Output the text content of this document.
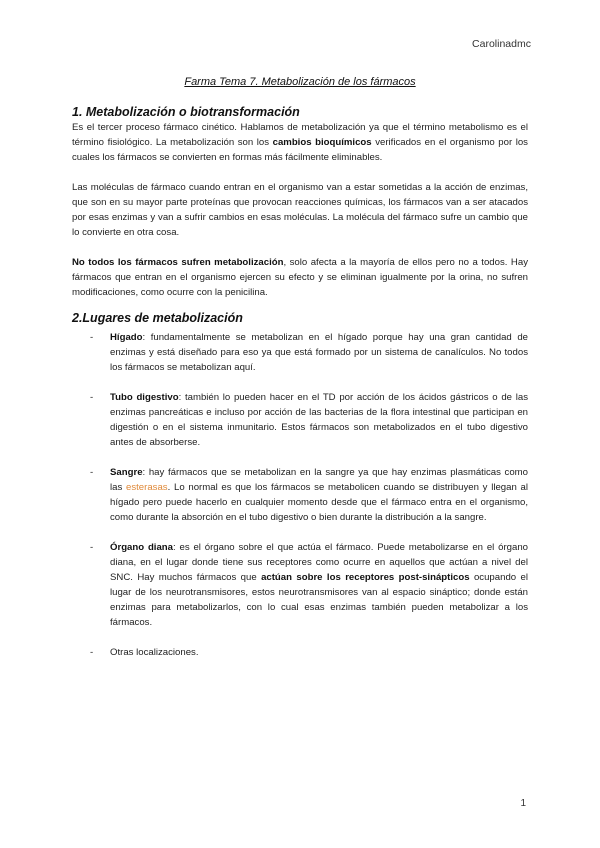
Carolinadmc
Farma Tema 7. Metabolización de los fármacos
1. Metabolización o biotransformación

Es el tercer proceso fármaco cinético. Hablamos de metabolización ya que el término metabolismo es el término fisiológico. La metabolización son los cambios bioquímicos verificados en el organismo por los cuales los fármacos se convierten en formas más fácilmente eliminables.

Las moléculas de fármaco cuando entran en el organismo van a estar sometidas a la acción de enzimas, que son en su mayor parte proteínas que provocan reacciones químicas, los fármacos van a ser atacados por esas enzimas y van a sufrir cambios en esas moléculas. La molécula del fármaco sufre un cambio que lo convierte en otra cosa.

No todos los fármacos sufren metabolización, solo afecta a la mayoría de ellos pero no a todos. Hay fármacos que entran en el organismo ejercen su efecto y se eliminan igualmente por la orina, no sufren modificaciones, como ocurre con la penicilina.

2.Lugares de metabolización
- Hígado: fundamentalmente se metabolizan en el hígado porque hay una gran cantidad de enzimas y está diseñado para eso ya que está formado por un sistema de canalículos. No todos los fármacos se metabolizan aquí.

- Tubo digestivo: también lo pueden hacer en el TD por acción de los ácidos gástricos o de las enzimas pancreáticas e incluso por acción de las bacterias de la flora intestinal que participan en digestión o en el sistema inmunitario. Estos fármacos son metabolizados en el tubo digestivo antes de absorberse.

- Sangre: hay fármacos que se metabolizan en la sangre ya que hay enzimas plasmáticas como las esterasas. Lo normal es que los fármacos se metabolicen cuando se distribuyen y llegan al hígado pero puede hacerlo en cualquier momento desde que el fármaco entra en el organismo, como durante la absorción en el tubo digestivo o bien durante la distribución a la sangre.

- Órgano diana: es el órgano sobre el que actúa el fármaco. Puede metabolizarse en el órgano diana, en el lugar donde tiene sus receptores como ocurre en aquellos que actúan a nivel del SNC. Hay muchos fármacos que actúan sobre los receptores post-sinápticos ocupando el lugar de los neurotransmisores, estos neurotransmisores van al espacio sináptico; donde están enzimas para metabolizarlos, con lo cual esas enzimas también pueden metabolizar a los fármacos.

- Otras localizaciones.

1
